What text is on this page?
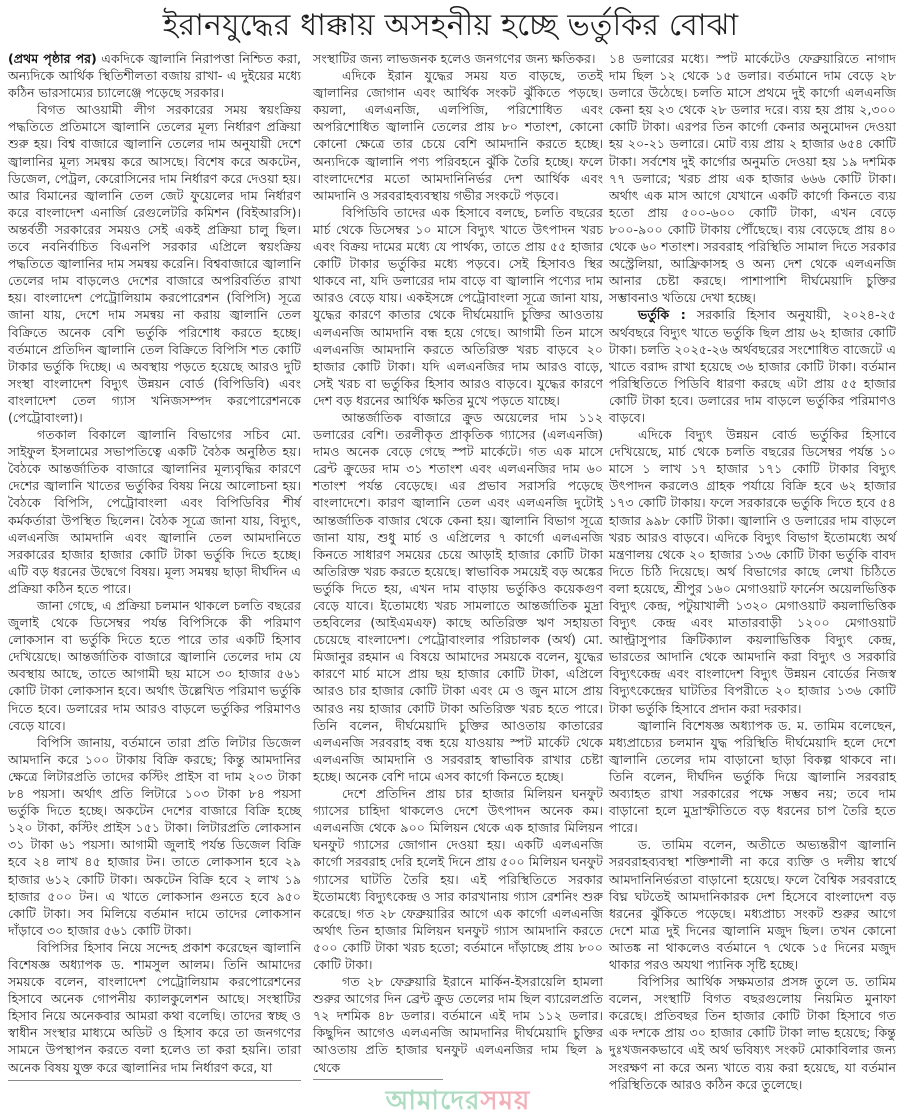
ইরানযুদ্ধের ধাক্কায় অসহনীয় হচ্ছে ভর্তুকির বোঝা

(প্রথম পৃষ্ঠার পর) একদিকে জ্বালানি নিরাপত্তা নিশ্চিত করা, অন্যদিকে আর্থিক স্থিতিশীলতা বজায় রাখা- এ দুইয়ের মধ্যে কঠিন ভারসাম্যের চ্যালেঞ্জে পড়েছে সরকার।

বিগত আওয়ামী লীগ সরকারের সময় স্বয়ংক্রিয় পদ্ধতিতে প্রতিমাসে জ্বালানি তেলের মূল্য নির্ধারণ প্রক্রিয়া শুরু হয়। বিশ্ব বাজারে জ্বালানি তেলের দাম অনুযায়ী দেশে জ্বালানির মূল্য সমন্বয় করে আসছে। বিশেষ করে অকটেন, ডিজেল, পেট্রল, কেরোসিনের দাম নির্ধারণ করে দেওয়া হয়। আর বিমানের জ্বালানি তেল জেট ফুয়েলের দাম নির্ধারণ করে বাংলাদেশ এনার্জি রেগুলেটরি কমিশন (বিইআরসি)। অন্তর্বর্তী সরকারের সময়ও সেই একই প্রক্রিয়া চালু ছিল। তবে নবনির্বাচিত বিএনপি সরকার এপ্রিলে স্বয়ংক্রিয় পদ্ধতিতে জ্বালানির দাম সমন্বয় করেনি। বিশ্ববাজারে জ্বালানি তেলের দাম বাড়লেও দেশের বাজারে অপরিবর্তিত রাখা হয়। বাংলাদেশ পেট্রোলিয়াম করপোরেশন (বিপিসি) সূত্রে জানা যায়, দেশে দাম সমন্বয় না করায় জ্বালানি তেল বিক্রিতে অনেক বেশি ভর্তুকি পরিশোধ করতে হচ্ছে। বর্তমানে প্রতিদিন জ্বালানি তেল বিক্রিতে বিপিসি শত কোটি টাকার ভর্তুকি দিচ্ছে। এ অবস্থায় পড়তে হয়েছে আরও দুটি সংস্থা বাংলাদেশ বিদ্যুৎ উন্নয়ন বোর্ড (বিপিডিবি) এবং বাংলাদেশ তেল গ্যাস খনিজসম্পদ করপোরেশনকে (পেট্রোবাংলা)।

গতকাল বিকালে জ্বালানি বিভাগের সচিব মো. সাইফুল ইসলামের সভাপতিত্বে একটি বৈঠক অনুষ্ঠিত হয়। বৈঠকে আন্তর্জাতিক বাজারে জ্বালানির মূল্যবৃদ্ধির কারণে দেশের জ্বালানি খাতের ভর্তুকির বিষয় নিয়ে আলোচনা হয়। বৈঠকে বিপিসি, পেট্রোবাংলা এবং বিপিডিবির শীর্ষ কর্মকর্তারা উপস্থিত ছিলেন। বৈঠক সূত্রে জানা যায়, বিদ্যুৎ, এলএনজি আমদানি এবং জ্বালানি তেল আমদানিতে সরকারের হাজার হাজার কোটি টাকা ভর্তুকি দিতে হচ্ছে। এটি বড় ধরনের উদ্বেগে বিষয়। মূল্য সমন্বয় ছাড়া দীর্ঘদিন এ প্রক্রিয়া কঠিন হতে পারে।

জানা গেছে, এ প্রক্রিয়া চলমান থাকলে চলতি বছরের জুলাই থেকে ডিসেম্বর পর্যন্ত বিপিসিকে কী পরিমাণ লোকসান বা ভর্তুকি দিতে হতে পারে তার একটি হিসাব দেখিয়েছে। আন্তর্জাতিক বাজারে জ্বালানি তেলের দাম যে অবস্থায় আছে, তাতে আগামী ছয় মাসে ৩০ হাজার ৫৬১ কোটি টাকা লোকসান হবে। অর্থাৎ উল্লেখিত পরিমাণ ভর্তুকি দিতে হবে। ডলারের দাম আরও বাড়লে ভর্তুকির পরিমাণও বেড়ে যাবে।

বিপিসি জানায়, বর্তমানে তারা প্রতি লিটার ডিজেল আমদানি করে ১০০ টাকায় বিক্রি করছে; কিন্তু আমদানির ক্ষেত্রে লিটারপ্রতি তাদের কস্টিং প্রাইস বা দাম ২০৩ টাকা ৮৪ পয়সা। অর্থাৎ প্রতি লিটারে ১০৩ টাকা ৮৪ পয়সা ভর্তুকি দিতে হচ্ছে। অকটেন দেশের বাজারে বিক্রি হচ্ছে ১২০ টাকা, কস্টিং প্রাইস ১৫১ টাকা। লিটারপ্রতি লোকসান ৩১ টাকা ৬১ পয়সা। আগামী জুলাই পর্যন্ত ডিজেল বিক্রি হবে ২৪ লাখ ৪৫ হাজার টন। তাতে লোকসান হবে ২৯ হাজার ৬১২ কোটি টাকা। অকটেন বিক্রি হবে ২ লাখ ১৯ হাজার ৫০০ টন। এ খাতে লোকসান গুনতে হবে ৯৫০ কোটি টাকা। সব মিলিয়ে বর্তমান দামে তাদের লোকসান দাঁড়াবে ৩০ হাজার ৫৬১ কোটি টাকা।

বিপিসির হিসাব নিয়ে সন্দেহ প্রকাশ করেছেন জ্বালানি বিশেষজ্ঞ অধ্যাপক ড. শামসুল আলম। তিনি আমাদের সময়কে বলেন, বাংলাদেশ পেট্রোলিয়াম করপোরেশনের হিসাবে অনেক গোপনীয় ক্যালকুলেশন আছে। সংস্থাটির হিসাব নিয়ে অনেকবার আমরা কথা বলেছি। তাদের স্বচ্ছ ও স্বাধীন সংস্থার মাধ্যমে অডিট ও হিসাব করে তা জনগণের সামনে উপস্থাপন করতে বলা হলেও তা করা হয়নি। তারা অনেক বিষয় যুক্ত করে জ্বালানির দাম নির্ধারণ করে, যা

সংস্থাটির জন্য লাভজনক হলেও জনগণের জন্য ক্ষতিকর।

এদিকে ইরান যুদ্ধের সময় যত বাড়ছে, ততই জ্বালানির জোগান এবং আর্থিক সংকট ঝুঁকিতে পড়ছে। কয়লা, এলএনজি, এলপিজি, পরিশোধিত এবং অপরিশোধিত জ্বালানি তেলের প্রায় ৮০ শতাংশ, কোনো কোনো ক্ষেত্রে তার চেয়ে বেশি আমদানি করতে হচ্ছে। অন্যদিকে জ্বালানি পণ্য পরিবহনে ঝুঁকি তৈরি হচ্ছে। ফলে বাংলাদেশের মতো আমদানিনির্ভর দেশ আর্থিক এবং আমদানি ও সরবরাহব্যবস্থায় গভীর সংকটে পড়বে।

বিপিডিবি তাদের এক হিসাবে বলছে, চলতি বছরের মার্চ থেকে ডিসেম্বর ১০ মাসে বিদ্যুৎ খাতে উৎপাদন খরচ এবং বিক্রয় দামের মধ্যে যে পার্থক্য, তাতে প্রায় ৫৫ হাজার কোটি টাকার ভর্তুকির মধ্যে পড়বে। সেই হিসাবও স্থির থাকবে না, যদি ডলারের দাম বাড়ে বা জ্বালানি পণ্যের দাম আরও বেড়ে যায়। একইসঙ্গে পেট্রোবাংলা সূত্রে জানা যায়, যুদ্ধের কারণে কাতার থেকে দীর্ঘমেয়াদি চুক্তির আওতায় এলএনজি আমদানি বন্ধ হয়ে গেছে। আগামী তিন মাসে এলএনজি আমদানি করতে অতিরিক্ত খরচ বাড়বে ২০ হাজার কোটি টাকা। যদি এলএনজির দাম আরও বাড়ে, সেই খরচ বা ভর্তুকির হিসাব আরও বাড়বে। যুদ্ধের কারণে দেশ বড় ধরনের আর্থিক ক্ষতির মুখে পড়তে যাচ্ছে।

আন্তর্জাতিক বাজারে ক্রুড অয়েলের দাম ১১২ ডলারের বেশি। তরলীকৃত প্রাকৃতিক গ্যাসের (এলএনজি) দামও অনেক বেড়ে গেছে স্পট মার্কেটে। গত এক মাসে ব্রেন্ট ক্রুডের দাম ৩১ শতাংশ এবং এলএনজির দাম ৬০ শতাংশ পর্যন্ত বেড়েছে। এর প্রভাব সরাসরি পড়েছে বাংলাদেশে। কারণ জ্বালানি তেল এবং এলএনজি দুটোই আন্তর্জাতিক বাজার থেকে কেনা হয়। জ্বালানি বিভাগ সূত্রে জানা যায়, শুধু মার্চ ও এপ্রিলের ৭ কার্গো এলএনজি কিনতে সাধারণ সময়ের চেয়ে আড়াই হাজার কোটি টাকা অতিরিক্ত খরচ করতে হয়েছে। স্বাভাবিক সময়েই বড় অঙ্কের ভর্তুকি দিতে হয়, এখন দাম বাড়ায় ভর্তুকিও কয়েকগুণ বেড়ে যাবে। ইতোমধ্যে খরচ সামলাতে আন্তর্জাতিক মুদ্রা তহবিলের (আইএমএফ) কাছে অতিরিক্ত ঋণ সহায়তা চেয়েছে বাংলাদেশ। পেট্রোবাংলার পরিচালক (অর্থ) মো. মিজানুর রহমান এ বিষয়ে আমাদের সময়কে বলেন, যুদ্ধের কারণে মার্চ মাসে প্রায় ছয় হাজার কোটি টাকা, এপ্রিলে আরও চার হাজার কোটি টাকা এবং মে ও জুন মাসে প্রায় আরও নয় হাজার কোটি টাকা অতিরিক্ত খরচ হতে পারে। তিনি বলেন, দীর্ঘমেয়াদি চুক্তির আওতায় কাতারের এলএনজি সরবরাহ বন্ধ হয়ে যাওয়ায় স্পট মার্কেট থেকে এলএনজি আমদানি ও সরবরাহ স্বাভাবিক রাখার চেষ্টা হচ্ছে। অনেক বেশি দামে এসব কার্গো কিনতে হচ্ছে।

দেশে প্রতিদিন প্রায় চার হাজার মিলিয়ন ঘনফুট গ্যাসের চাহিদা থাকলেও দেশে উৎপাদন অনেক কম। এলএনজি থেকে ৯০০ মিলিয়ন থেকে এক হাজার মিলিয়ন ঘনফুট গ্যাসের জোগান দেওয়া হয়। একটি এলএনজি কার্গো সরবরাহ দেরি হলেই দিনে প্রায় ৫০০ মিলিয়ন ঘনফুট গ্যাসের ঘাটতি তৈরি হয়। এই পরিস্থিতিতে সরকার ইতোমধ্যে বিদ্যুৎকেন্দ্র ও সার কারখানায় গ্যাস রেশনিং শুরু করেছে। গত ২৮ ফেব্রুয়ারির আগে এক কার্গো এলএনজি অর্থাৎ তিন হাজার মিলিয়ন ঘনফুট গ্যাস আমদানি করতে ৫০০ কোটি টাকা খরচ হতো; বর্তমানে দাঁড়াচ্ছে প্রায় ৮০০ কোটি টাকা।

গত ২৮ ফেব্রুয়ারি ইরানে মার্কিন-ইসরায়েলি হামলা শুরুর আগের দিন ব্রেন্ট ক্রুড তেলের দাম ছিল ব্যারেলপ্রতি ৭২ দশমিক ৪৮ ডলার। বর্তমানে এই দাম ১১২ ডলার। কিছুদিন আগেও এলএনজি আমদানির দীর্ঘমেয়াদি চুক্তির আওতায় প্রতি হাজার ঘনফুট এলএনজির দাম ছিল ৯ থেকে

আমাদেরসময়

১৪ ডলারের মধ্যে। স্পট মার্কেটেও ফেব্রুয়ারিতে নাগাদ দাম ছিল ১২ থেকে ১৫ ডলার। বর্তমানে দাম বেড়ে ২৮ ডলারে উঠেছে। চলতি মাসে প্রথমে দুই কার্গো এলএনজি কেনা হয় ২৩ থেকে ২৮ ডলার দরে। ব্যয় হয় প্রায় ২,৩০০ কোটি টাকা। এরপর তিন কার্গো কেনার অনুমোদন দেওয়া হয় ২০-২১ ডলারে। মোট ব্যয় প্রায় ২ হাজার ৬৫৪ কোটি টাকা। সর্বশেষ দুই কার্গোর অনুমতি দেওয়া হয় ১৯ দশমিক ৭৭ ডলারে; খরচ প্রায় এক হাজার ৬৬৬ কোটি টাকা। অর্থাৎ এক মাস আগে যেখানে একটি কার্গো কিনতে ব্যয় হতো প্রায় ৫০০-৬০০ কোটি টাকা, এখন বেড়ে ৮০০-৯০০ কোটি টাকায় পৌঁছেছে। ব্যয় বেড়েছে প্রায় ৪০ থেকে ৬০ শতাংশ। সরবরাহ পরিস্থিতি সামাল দিতে সরকার অস্ট্রেলিয়া, আফ্রিকাসহ ও অন্য দেশ থেকে এলএনজি আনার চেষ্টা করছে। পাশাপাশি দীর্ঘমেয়াদি চুক্তির সম্ভাবনাও খতিয়ে দেখা হচ্ছে।

ভর্তুকি : সরকারি হিসাব অনুযায়ী, ২০২৪-২৫ অর্থবছরে বিদ্যুৎ খাতে ভর্তুকি ছিল প্রায় ৬২ হাজার কোটি টাকা। চলতি ২০২৫-২৬ অর্থবছরের সংশোধিত বাজেটে এ খাতে বরাদ্দ রাখা হয়েছে ৩৬ হাজার কোটি টাকা। বর্তমান পরিস্থিতিতে পিডিবি ধারণা করছে এটা প্রায় ৫৫ হাজার কোটি টাকা হবে। ডলারের দাম বাড়লে ভর্তুকির পরিমাণও বাড়বে।

এদিকে বিদ্যুৎ উন্নয়ন বোর্ড ভর্তুকির হিসাবে দেখিয়েছে, মার্চ থেকে চলতি বছরের ডিসেম্বর পর্যন্ত ১০ মাসে ১ লাখ ১৭ হাজার ১৭১ কোটি টাকার বিদ্যুৎ উৎপাদন করলেও গ্রাহক পর্যায়ে বিক্রি হবে ৬২ হাজার ১৭৩ কোটি টাকায়। ফলে সরকারকে ভর্তুকি দিতে হবে ৫৪ হাজার ৯৯৮ কোটি টাকা। জ্বালানি ও ডলারের দাম বাড়লে খরচ আরও বাড়বে। এদিকে বিদ্যুৎ বিভাগ ইতোমধ্যে অর্থ মন্ত্রণালয় থেকে ২০ হাজার ১৩৬ কোটি টাকা ভর্তুকি বাবদ দিতে চিঠি দিয়েছে। অর্থ বিভাগের কাছে লেখা চিঠিতে বলা হয়েছে, শ্রীপুর ১৬০ মেগাওয়াট ফার্নেস অয়েলভিত্তিক বিদ্যুৎ কেন্দ্র, পটুয়াখালী ১৩২০ মেগাওয়াট কয়লাভিত্তিক বিদ্যুৎ কেন্দ্র এবং মাতারবাড়ী ১২০০ মেগাওয়াট আল্ট্রাসুপার ক্রিটিক্যাল কয়লাভিত্তিক বিদ্যুৎ কেন্দ্র, ভারতের আদানি থেকে আমদানি করা বিদ্যুৎ ও সরকারি বিদ্যুৎকেন্দ্র এবং বাংলাদেশ বিদ্যুৎ উন্নয়ন বোর্ডের নিজস্ব বিদ্যুৎকেন্দ্রের ঘাটতির বিপরীতে ২০ হাজার ১৩৬ কোটি টাকা ভর্তুকি হিসাবে প্রদান করা দরকার।

জ্বালানি বিশেষজ্ঞ অধ্যাপক ড. ম. তামিম বলেছেন, মধ্যপ্রাচ্যের চলমান যুদ্ধ পরিস্থিতি দীর্ঘমেয়াদি হলে দেশে জ্বালানি তেলের দাম বাড়ানো ছাড়া বিকল্প থাকবে না। তিনি বলেন, দীর্ঘদিন ভর্তুকি দিয়ে জ্বালানি সরবরাহ অব্যাহত রাখা সরকারের পক্ষে সম্ভব নয়; তবে দাম বাড়ানো হলে মুদ্রাস্ফীতিতে বড় ধরনের চাপ তৈরি হতে পারে।

ড. তামিম বলেন, অতীতে অভ্যন্তরীণ জ্বালানি সরবরাহব্যবস্থা শক্তিশালী না করে ব্যক্তি ও দলীয় স্বার্থে আমদানিনির্ভরতা বাড়ানো হয়েছে। ফলে বৈশ্বিক সরবরাহে বিঘ্ন ঘটতেই আমদানিকারক দেশ হিসেবে বাংলাদেশ বড় ধরনের ঝুঁকিতে পড়েছে। মধ্যপ্রাচ্য সংকট শুরুর আগে দেশে মাত্র দুই দিনের জ্বালানি মজুদ ছিল। তখন কোনো আতঙ্ক না থাকলেও বর্তমানে ৭ থেকে ১৫ দিনের মজুদ থাকার পরও অযথা প্যানিক সৃষ্টি হচ্ছে।

বিপিসির আর্থিক সক্ষমতার প্রসঙ্গ তুলে ড. তামিম বলেন, সংস্থাটি বিগত বছরগুলোয় নিয়মিত মুনাফা করেছে। প্রতিবছর তিন হাজার কোটি টাকা হিসাবে গত এক দশকে প্রায় ৩০ হাজার কোটি টাকা লাভ হয়েছে; কিন্তু দুঃখজনকভাবে এই অর্থ ভবিষ্যৎ সংকট মোকাবিলার জন্য সংরক্ষণ না করে অন্য খাতে ব্যয় করা হয়েছে, যা বর্তমান পরিস্থিতিকে আরও কঠিন করে তুলেছে।
